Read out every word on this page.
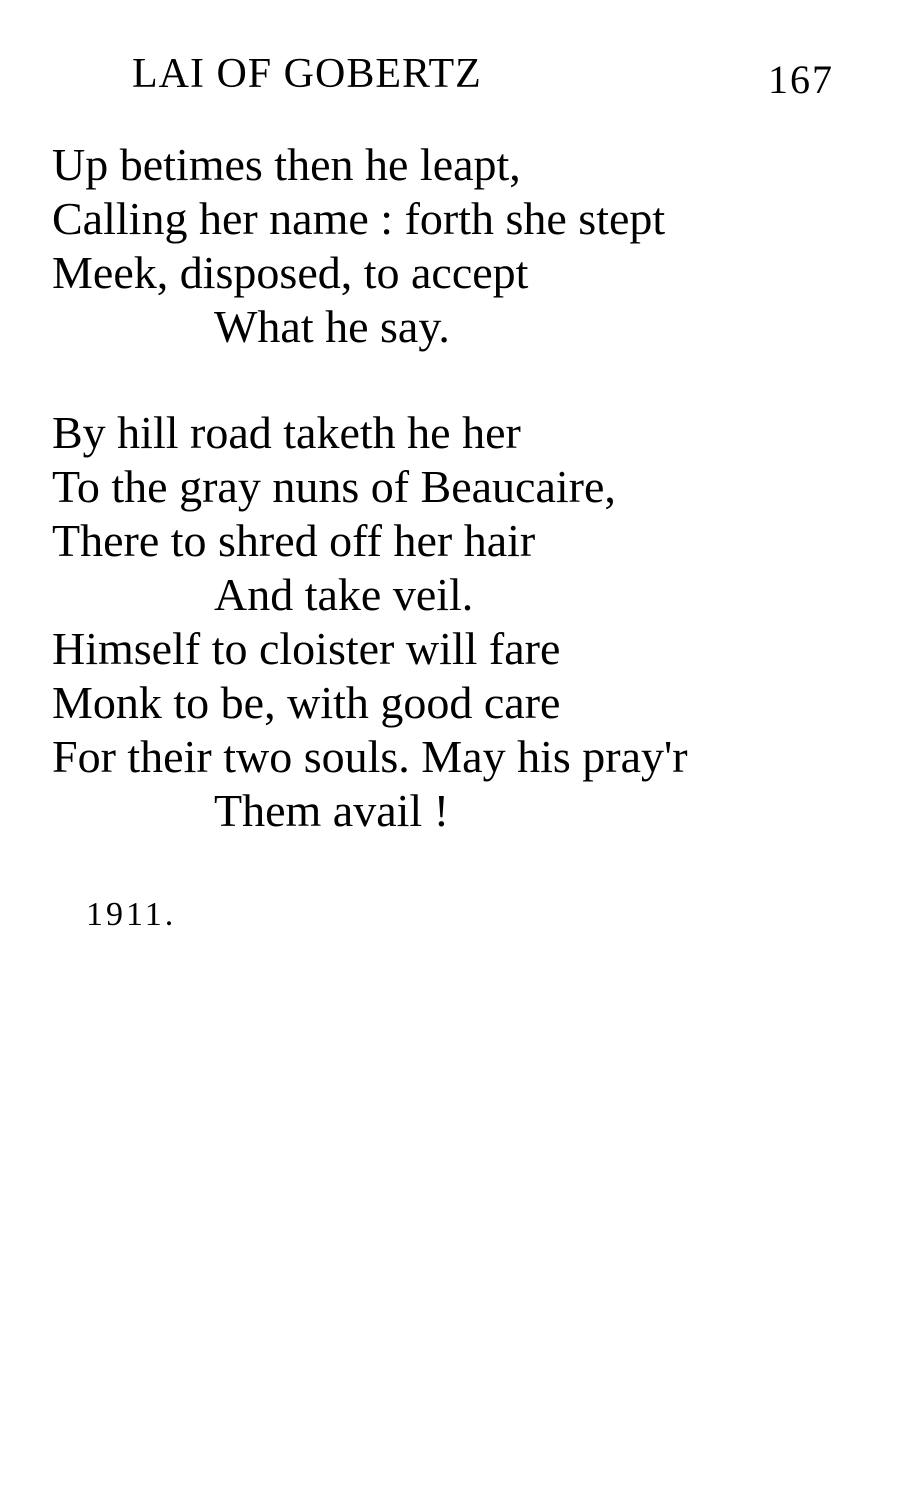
LAI OF GOBERTZ	167
Up betimes then he leapt,
Calling her name : forth she stept
Meek, disposed, to accept
What he say.
By hill road taketh he her
To the gray nuns of Beaucaire,
There to shred off her hair
And take veil.
Himself to cloister will fare
Monk to be, with good care
For their two souls. May his pray'r
Them avail !
1911.
